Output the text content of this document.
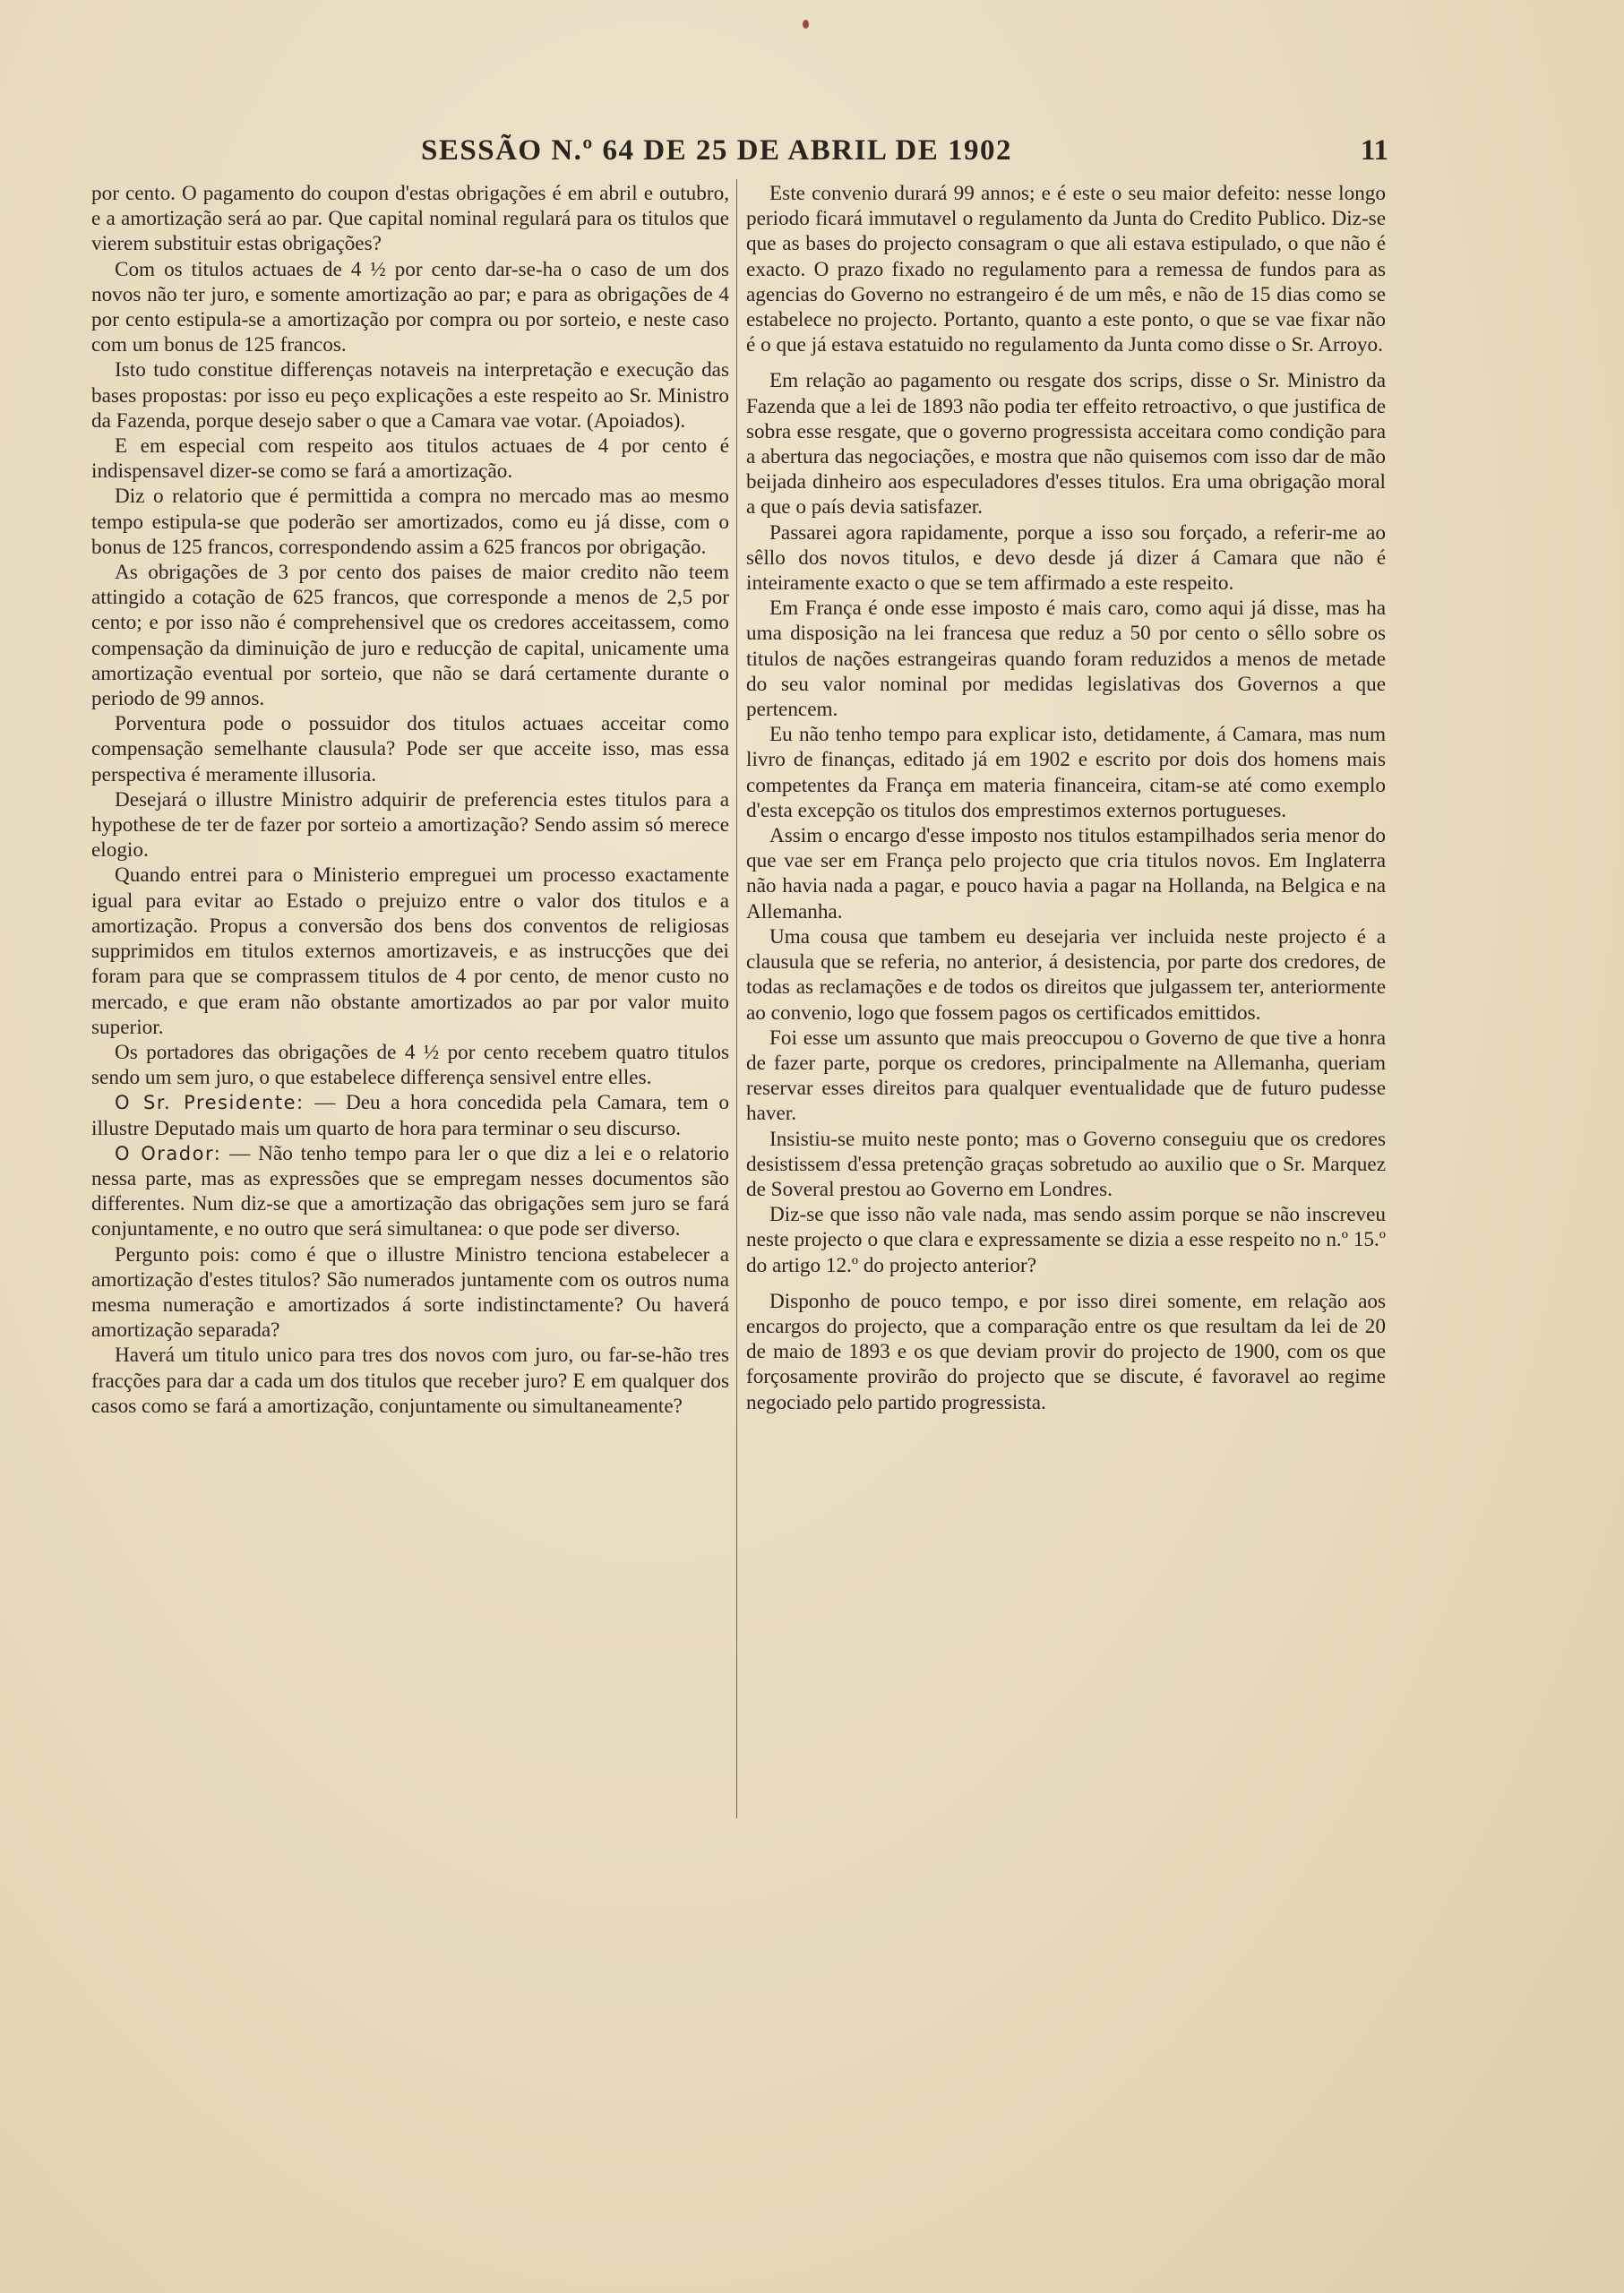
SESSÃO N.º 64 DE 25 DE ABRIL DE 1902	11

por cento. O pagamento do coupon d'estas obrigações é em abril e outubro, e a amortização será ao par. Que capital nominal regulará para os titulos que vierem substituir estas obrigações?

Com os titulos actuaes de 4 ½ por cento dar-se-ha o caso de um dos novos não ter juro, e somente amortização ao par; e para as obrigações de 4 por cento estipula-se a amortização por compra ou por sorteio, e neste caso com um bonus de 125 francos.

Isto tudo constitue differenças notaveis na interpretação e execução das bases propostas: por isso eu peço explicações a este respeito ao Sr. Ministro da Fazenda, porque desejo saber o que a Camara vae votar. (Apoiados).

E em especial com respeito aos titulos actuaes de 4 por cento é indispensavel dizer-se como se fará a amortização.

Diz o relatorio que é permittida a compra no mercado mas ao mesmo tempo estipula-se que poderão ser amortizados, como eu já disse, com o bonus de 125 francos, correspondendo assim a 625 francos por obrigação.

As obrigações de 3 por cento dos paises de maior credito não teem attingido a cotação de 625 francos, que corresponde a menos de 2,5 por cento; e por isso não é comprehensivel que os credores acceitassem, como compensação da diminuição de juro e reducção de capital, unicamente uma amortização eventual por sorteio, que não se dará certamente durante o periodo de 99 annos.

Porventura pode o possuidor dos titulos actuaes acceitar como compensação semelhante clausula? Pode ser que acceite isso, mas essa perspectiva é meramente illusoria.

Desejará o illustre Ministro adquirir de preferencia estes titulos para a hypothese de ter de fazer por sorteio a amortização? Sendo assim só merece elogio.

Quando entrei para o Ministerio empreguei um processo exactamente igual para evitar ao Estado o prejuizo entre o valor dos titulos e a amortização. Propus a conversão dos bens dos conventos de religiosas supprimidos em titulos externos amortizaveis, e as instrucções que dei foram para que se comprassem titulos de 4 por cento, de menor custo no mercado, e que eram não obstante amortizados ao par por valor muito superior.

Os portadores das obrigações de 4 ½ por cento recebem quatro titulos sendo um sem juro, o que estabelece differença sensivel entre elles.

O Sr. Presidente: — Deu a hora concedida pela Camara, tem o illustre Deputado mais um quarto de hora para terminar o seu discurso.

O Orador: — Não tenho tempo para ler o que diz a lei e o relatorio nessa parte, mas as expressões que se empregam nesses documentos são differentes. Num diz-se que a amortização das obrigações sem juro se fará conjuntamente, e no outro que será simultanea: o que pode ser diverso.

Pergunto pois: como é que o illustre Ministro tenciona estabelecer a amortização d'estes titulos? São numerados juntamente com os outros numa mesma numeração e amortizados á sorte indistinctamente? Ou haverá amortização separada?

Haverá um titulo unico para tres dos novos com juro, ou far-se-hão tres fracções para dar a cada um dos titulos que receber juro? E em qualquer dos casos como se fará a amortização, conjuntamente ou simultaneamente?

Este convenio durará 99 annos; e é este o seu maior defeito: nesse longo periodo ficará immutavel o regulamento da Junta do Credito Publico. Diz-se que as bases do projecto consagram o que ali estava estipulado, o que não é exacto. O prazo fixado no regulamento para a remessa de fundos para as agencias do Governo no estrangeiro é de um mês, e não de 15 dias como se estabelece no projecto. Portanto, quanto a este ponto, o que se vae fixar não é o que já estava estatuido no regulamento da Junta como disse o Sr. Arroyo.

Em relação ao pagamento ou resgate dos scrips, disse o Sr. Ministro da Fazenda que a lei de 1893 não podia ter effeito retroactivo, o que justifica de sobra esse resgate, que o governo progressista acceitara como condição para a abertura das negociações, e mostra que não quisemos com isso dar de mão beijada dinheiro aos especuladores d'esses titulos. Era uma obrigação moral a que o país devia satisfazer.

Passarei agora rapidamente, porque a isso sou forçado, a referir-me ao sêllo dos novos titulos, e devo desde já dizer á Camara que não é inteiramente exacto o que se tem affirmado a este respeito.

Em França é onde esse imposto é mais caro, como aqui já disse, mas ha uma disposição na lei francesa que reduz a 50 por cento o sêllo sobre os titulos de nações estrangeiras quando foram reduzidos a menos de metade do seu valor nominal por medidas legislativas dos Governos a que pertencem.

Eu não tenho tempo para explicar isto, detidamente, á Camara, mas num livro de finanças, editado já em 1902 e escrito por dois dos homens mais competentes da França em materia financeira, citam-se até como exemplo d'esta excepção os titulos dos emprestimos externos portugueses.

Assim o encargo d'esse imposto nos titulos estampilhados seria menor do que vae ser em França pelo projecto que cria titulos novos. Em Inglaterra não havia nada a pagar, e pouco havia a pagar na Hollanda, na Belgica e na Allemanha.

Uma cousa que tambem eu desejaria ver incluida neste projecto é a clausula que se referia, no anterior, á desistencia, por parte dos credores, de todas as reclamações e de todos os direitos que julgassem ter, anteriormente ao convenio, logo que fossem pagos os certificados emittidos.

Foi esse um assunto que mais preoccupou o Governo de que tive a honra de fazer parte, porque os credores, principalmente na Allemanha, queriam reservar esses direitos para qualquer eventualidade que de futuro pudesse haver.

Insistiu-se muito neste ponto; mas o Governo conseguiu que os credores desistissem d'essa pretenção graças sobretudo ao auxilio que o Sr. Marquez de Soveral prestou ao Governo em Londres.

Diz-se que isso não vale nada, mas sendo assim porque se não inscreveu neste projecto o que clara e expressamente se dizia a esse respeito no n.º 15.º do artigo 12.º do projecto anterior?

Disponho de pouco tempo, e por isso direi somente, em relação aos encargos do projecto, que a comparação entre os que resultam da lei de 20 de maio de 1893 e os que deviam provir do projecto de 1900, com os que forçosamente provirão do projecto que se discute, é favoravel ao regime negociado pelo partido progressista.
